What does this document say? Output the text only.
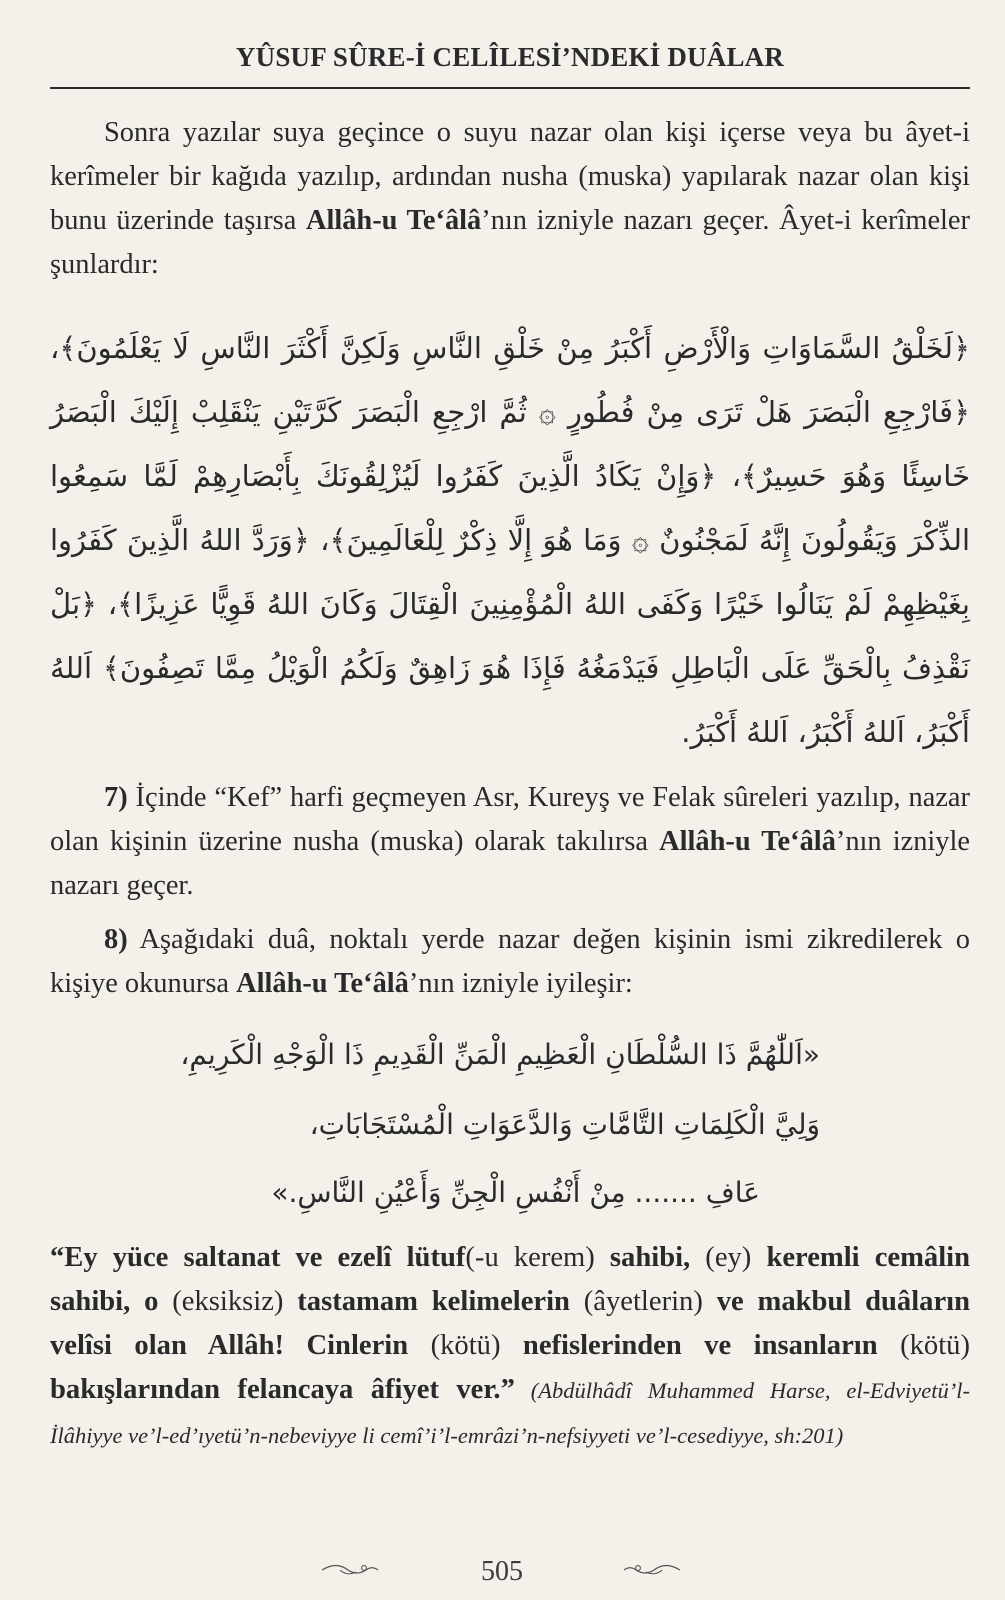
YÛSUF SÛRE-İ CELÎLESİ’NDEKİ DUÂLAR

Sonra yazılar suya geçince o suyu nazar olan kişi içerse veya bu âyet-i kerîmeler bir kağıda yazılıp, ardından nusha (muska) yapılarak nazar olan kişi bunu üzerinde taşırsa Allâh-u Te‘âlâ’nın izniyle nazarı geçer. Âyet-i kerîmeler şunlardır:

﴿لَخَلْقُ السَّمَاوَاتِ وَالْأَرْضِ أَكْبَرُ مِنْ خَلْقِ النَّاسِ وَلَكِنَّ أَكْثَرَ النَّاسِ لَا يَعْلَمُونَ﴾، ﴿فَارْجِعِ الْبَصَرَ هَلْ تَرَى مِنْ فُطُورٍ ۞ ثُمَّ ارْجِعِ الْبَصَرَ كَرَّتَيْنِ يَنْقَلِبْ إِلَيْكَ الْبَصَرُ خَاسِئًا وَهُوَ حَسِيرٌ﴾، ﴿وَإِنْ يَكَادُ الَّذِينَ كَفَرُوا لَيُزْلِقُونَكَ بِأَبْصَارِهِمْ لَمَّا سَمِعُوا الذِّكْرَ وَيَقُولُونَ إِنَّهُ لَمَجْنُونٌ ۞ وَمَا هُوَ إِلَّا ذِكْرٌ لِلْعَالَمِينَ﴾، ﴿وَرَدَّ اللهُ الَّذِينَ كَفَرُوا بِغَيْظِهِمْ لَمْ يَنَالُوا خَيْرًا وَكَفَى اللهُ الْمُؤْمِنِينَ الْقِتَالَ وَكَانَ اللهُ قَوِيًّا عَزِيزًا﴾، ﴿بَلْ نَقْذِفُ بِالْحَقِّ عَلَى الْبَاطِلِ فَيَدْمَغُهُ فَإِذَا هُوَ زَاهِقٌ وَلَكُمُ الْوَيْلُ مِمَّا تَصِفُونَ﴾ اَللهُ أَكْبَرُ، اَللهُ أَكْبَرُ، اَللهُ أَكْبَرُ.

7) İçinde “Kef” harfi geçmeyen Asr, Kureyş ve Felak sûreleri yazılıp, nazar olan kişinin üzerine nusha (muska) olarak takılırsa Allâh-u Te‘âlâ’nın izniyle nazarı geçer.

8) Aşağıdaki duâ, noktalı yerde nazar değen kişinin ismi zikredilerek o kişiye okunursa Allâh-u Te‘âlâ’nın izniyle iyileşir:

«اَللّٰهُمَّ ذَا السُّلْطَانِ الْعَظِيمِ الْمَنِّ الْقَدِيمِ ذَا الْوَجْهِ الْكَرِيمِ،
وَلِيَّ الْكَلِمَاتِ التَّامَّاتِ وَالدَّعَوَاتِ الْمُسْتَجَابَاتِ،
عَافِ ....... مِنْ أَنْفُسِ الْجِنِّ وَأَعْيُنِ النَّاسِ.»

“Ey yüce saltanat ve ezelî lütuf(-u kerem) sahibi, (ey) keremli cemâlin sahibi, o (eksiksiz) tastamam kelimelerin (âyetlerin) ve makbul duâların velîsi olan Allâh! Cinlerin (kötü) nefislerinden ve insanların (kötü) bakışlarından felancaya âfiyet ver.” (Abdülhâdî Muhammed Harse, el-Edviyetü’l-İlâhiyye ve’l-ed’ıyetü’n-nebeviyye li cemî’i’l-emrâzi’n-nefsiyyeti ve’l-cesediyye, sh:201)

505
